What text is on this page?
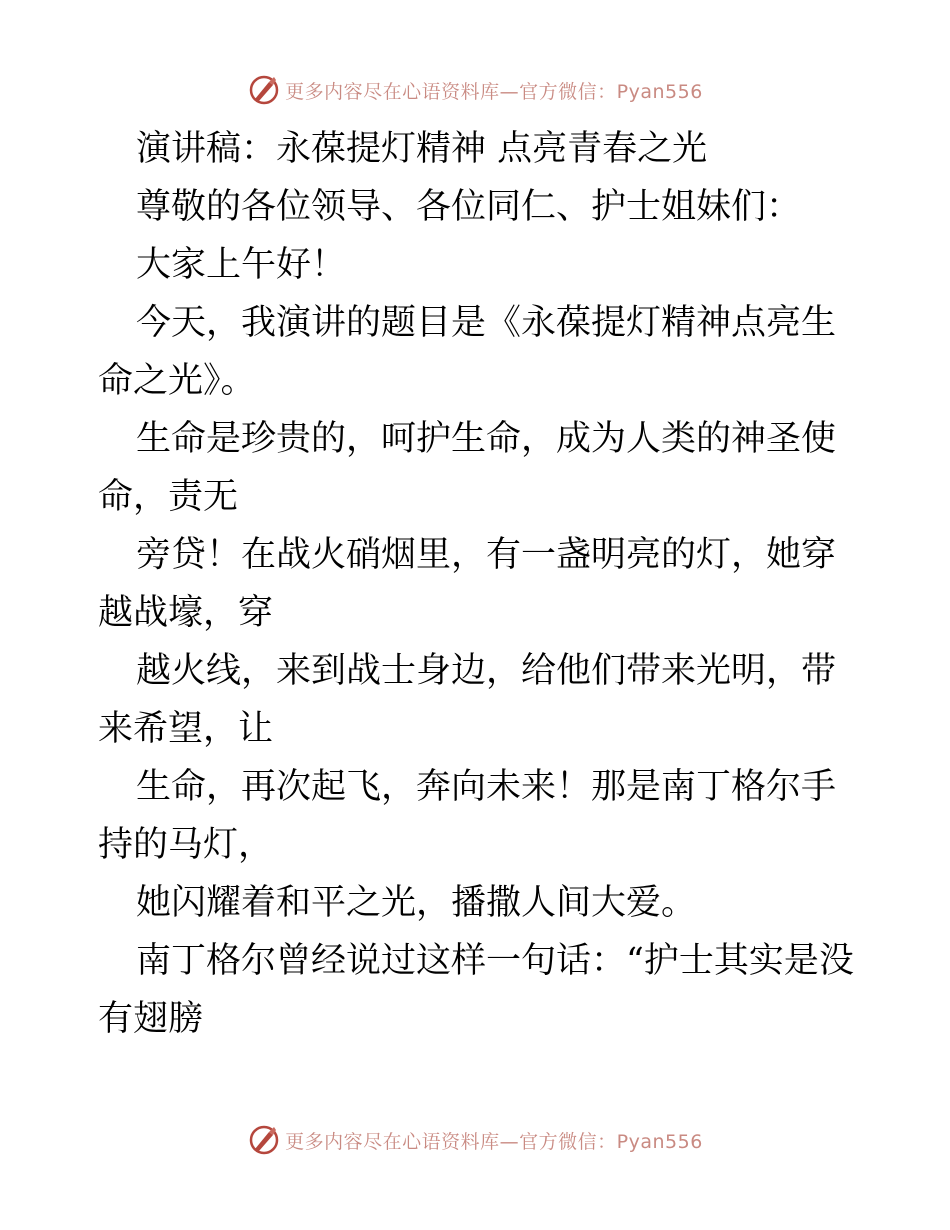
更多内容尽在心语资料库—官方微信：Pyan556

演讲稿：永葆提灯精神 点亮青春之光

尊敬的各位领导、各位同仁、护士姐妹们：

大家上午好！

今天，我演讲的题目是《永葆提灯精神点亮生命之光》。

生命是珍贵的，呵护生命，成为人类的神圣使命，责无

旁贷！在战火硝烟里，有一盏明亮的灯，她穿越战壕，穿

越火线，来到战士身边，给他们带来光明，带来希望，让

生命，再次起飞，奔向未来！那是南丁格尔手持的马灯，

她闪耀着和平之光，播撒人间大爱。

南丁格尔曾经说过这样一句话：“护士其实是没有翅膀

更多内容尽在心语资料库—官方微信：Pyan556
